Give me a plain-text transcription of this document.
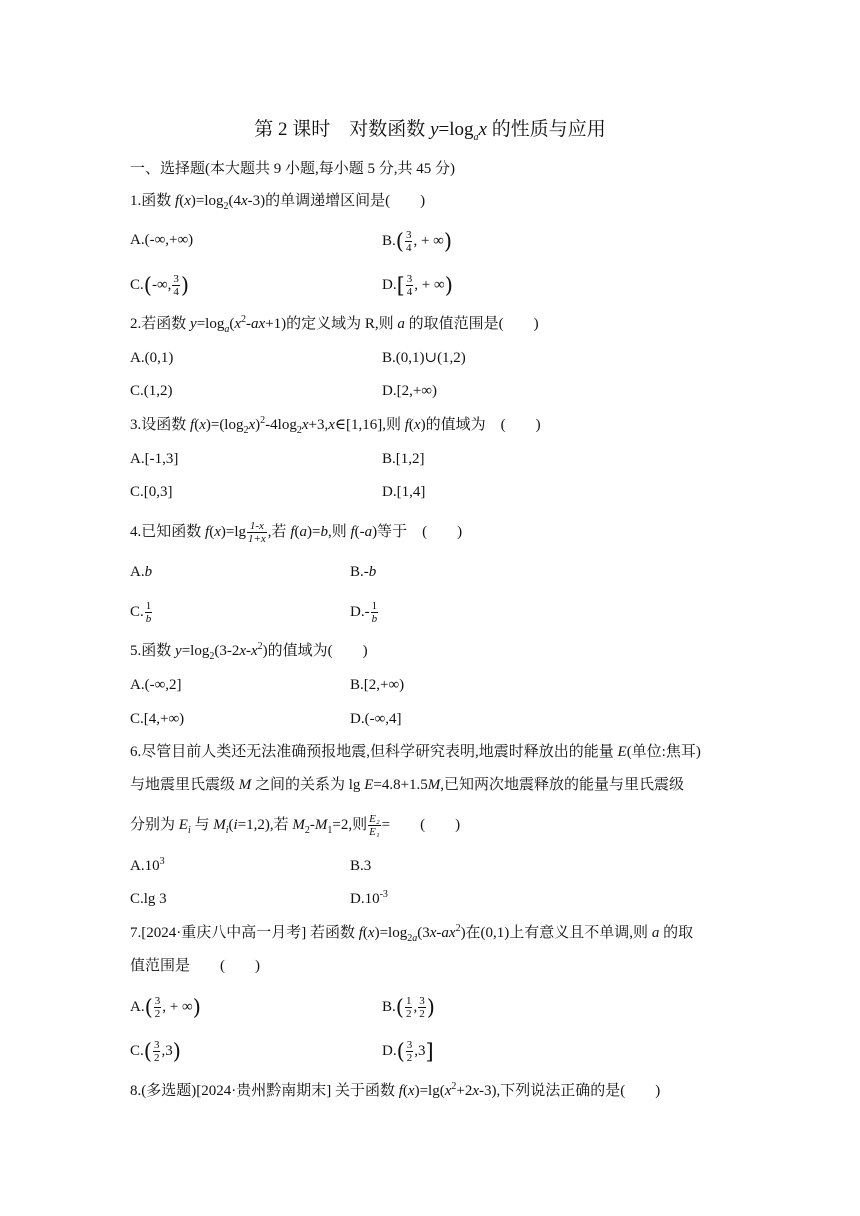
第 2 课时　对数函数 $y=\log_ax$ 的性质与应用
一、选择题(本大题共 9 小题,每小题 5 分,共 45 分)
1.函数 $f(x)=\log_2(4x-3)$的单调递增区间是(　　)
A.(-∞,+∞)	$B.( \frac{3}{4}$ , + ∞)
C.(-∞, $\frac{3}{4}$ )	$D.[ \frac{3}{4}$ , + ∞)
2.若函数 $y=\log_a(x^2-ax+1)$的定义域为 R,则 a 的取值范围是(　　)
A.(0,1)	B.(0,1)∪(1,2)
C.(1,2)	D.[2,+∞)
3.设函数 $f(x)=(\log_2x)^2-4\log_2x+3,x\in[1,16]$,则 f(x)的值域为　(　　)
A.[-1,3]	B.[1,2]
C.[0,3]	D.[1,4]
4.已知函数 $f(x)=\lg \frac{1-x}{1+x}$ ,若 f(a)=b,则 f(-a)等于　(　　)
A.b	B.-b
C. $\frac{1}{b}$	$D.- \frac{1}{b}$
5.函数 $y=\log_2(3-2x-x^2)$的值域为(　　)
A.(-∞,2]	B.[2,+∞)
C.[4,+∞)	D.(-∞,4]
6.尽管目前人类还无法准确预报地震,但科学研究表明,地震时释放出的能量 E(单位:焦耳)
与地震里氏震级 M 之间的关系为 lg E=4.8+1.5M,已知两次地震释放的能量与里氏震级
分别为 $E_i$ 与 $M_i(i=1,2)$,若 $M_2-M_1=2$,则 $\frac{\text{E₂}}{\text{E₁}}$ =　　(　　)
$A.10^3$	B.3
C.lg 3	$D.10^{-3}$
7.[2024·重庆八中高一月考] 若函数 $f(x)=\log_{2a}(3x-ax^2)$在(0,1)上有意义且不单调,则 a 的取
值范围是　　(　　)
$A.( \frac{3}{2}$ , + ∞)	$B.( \frac{1}{2}$ , $\frac{3}{2}$ )
$C.( \frac{3}{2} ,3)$	$D.( \frac{3}{2} ,3]$
8.(多选题)[2024·贵州黔南期末] 关于函数 $f(x)=\lg(x^2+2x-3)$,下列说法正确的是(　　)
